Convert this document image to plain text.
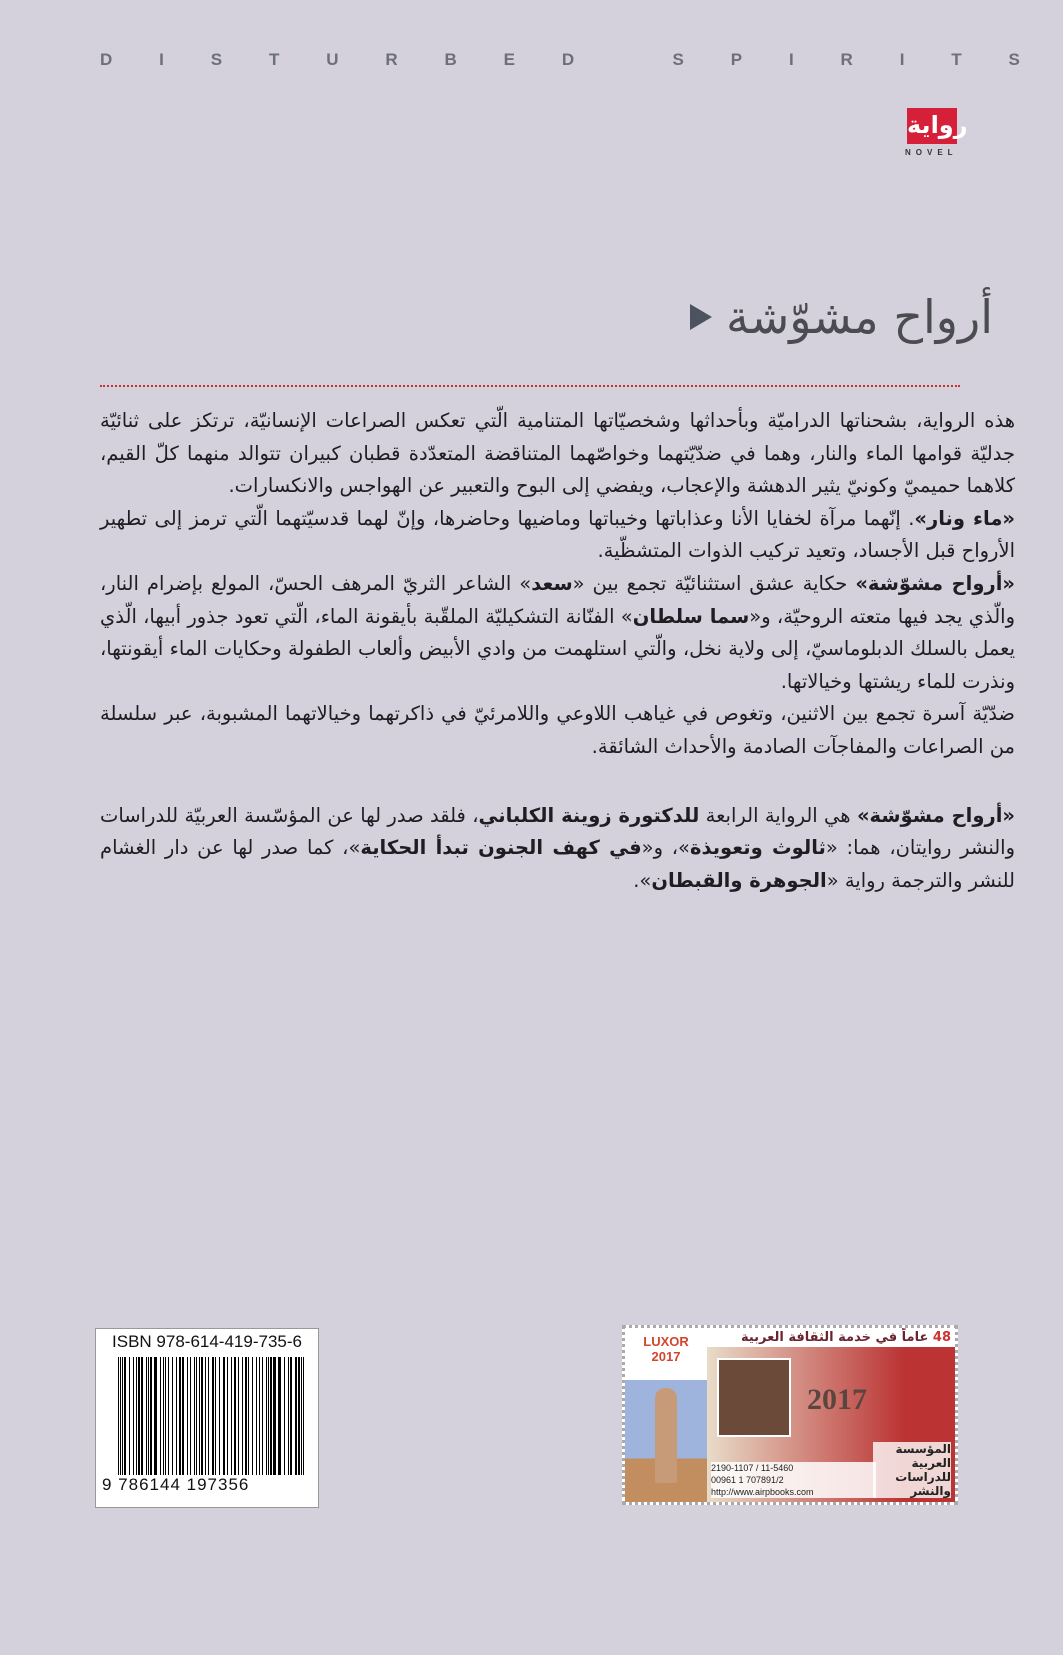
D	I	S	T	U	R	B	E	D
	S	P	I	R	I	T	S
رواية
NOVEL
أرواح مشوّشة

هذه الرواية، بشحناتها الدراميّة وبأحداثها وشخصيّاتها المتنامية الّتي تعكس الصراعات الإنسانيّة، ترتكز على ثنائيّة جدليّة قوامها الماء والنار، وهما في ضدّيّتهما وخواصّهما المتناقضة المتعدّدة قطبان كبيران تتوالد منهما كلّ القيم، كلاهما حميميّ وكونيّ يثير الدهشة والإعجاب، ويفضي إلى البوح والتعبير عن الهواجس والانكسارات.

«ماء ونار». إنّهما مرآة لخفايا الأنا وعذاباتها وخيباتها وماضيها وحاضرها، وإنّ لهما قدسيّتهما الّتي ترمز إلى تطهير الأرواح قبل الأجساد، وتعيد تركيب الذوات المتشظّية.

«أرواح مشوّشة» حكاية عشق استثنائيّة تجمع بين «سعد» الشاعر الثريّ المرهف الحسّ، المولع بإضرام النار، والّذي يجد فيها متعته الروحيّة، و«سما سلطان» الفنّانة التشكيليّة الملقّبة بأيقونة الماء، الّتي تعود جذور أبيها، الّذي يعمل بالسلك الدبلوماسيّ، إلى ولاية نخل، والّتي استلهمت من وادي الأبيض وألعاب الطفولة وحكايات الماء أيقونتها، ونذرت للماء ريشتها وخيالاتها.

ضدّيّة آسرة تجمع بين الاثنين، وتغوص في غياهب اللاوعي واللامرئيّ في ذاكرتهما وخيالاتهما المشبوبة، عبر سلسلة من الصراعات والمفاجآت الصادمة والأحداث الشائقة.

«أرواح مشوّشة» هي الرواية الرابعة للدكتورة زوينة الكلباني، فلقد صدر لها عن المؤسّسة العربيّة للدراسات والنشر روايتان، هما: «ثالوث وتعويذة»، و«في كهف الجنون تبدأ الحكاية»، كما صدر لها عن دار الغشام للنشر والترجمة رواية «الجوهرة والقبطان».

ISBN 978-614-419-735-6
9 786144 197356
LUXOR
2017
48 عاماً في خدمة الثقافة العربية
2017
2190-1107 / 11-5460
00961 1 707891/2
http://www.airpbooks.com
المؤسسة العربية للدراسات والنشر
